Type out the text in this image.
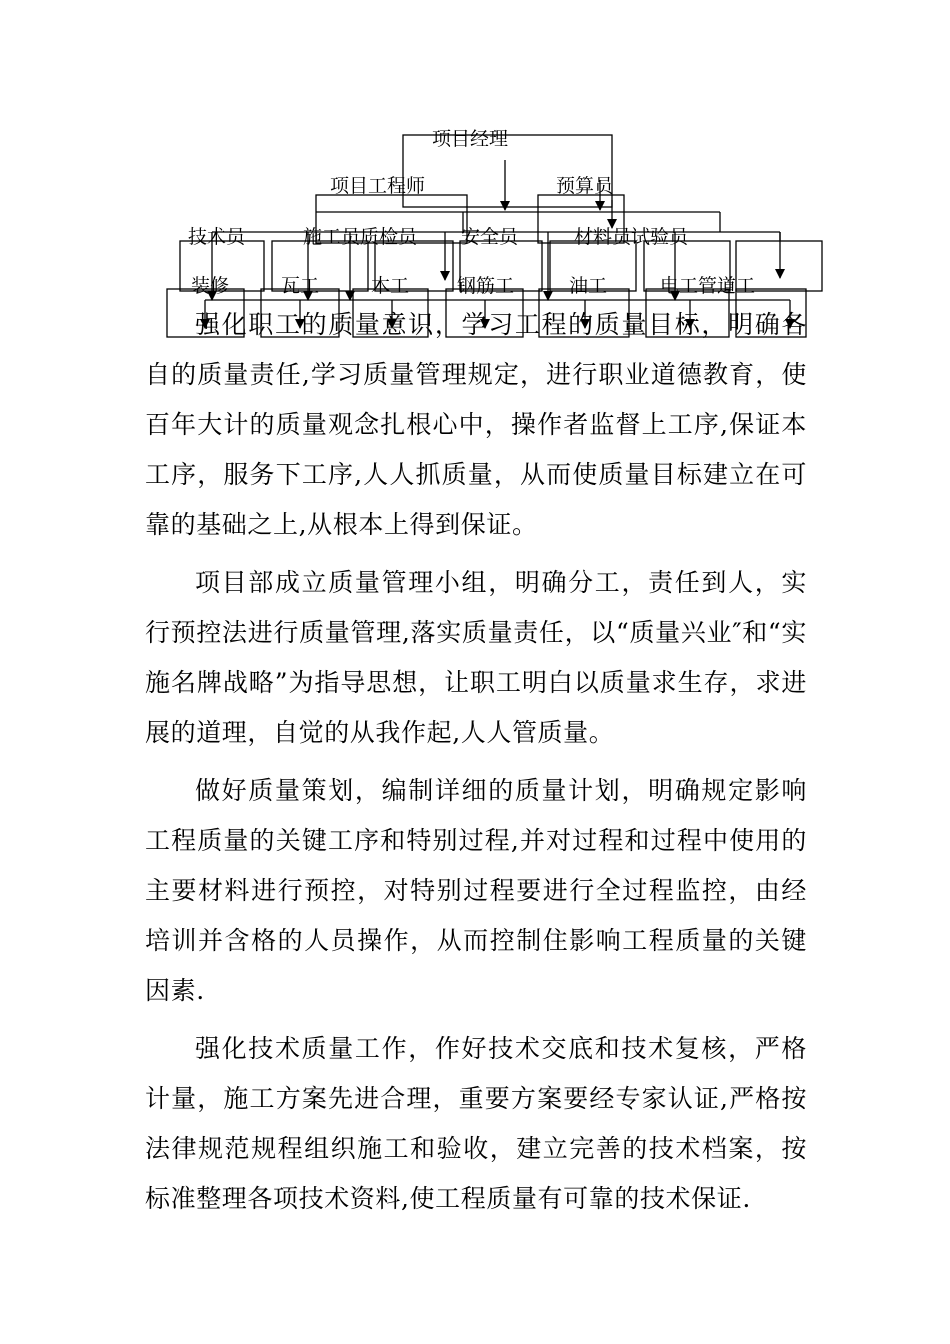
项目经理
项目工程师	预算员
技术员	施工员 质检员 安全员	材料员 试验员
装修	瓦工	木工	钢筋工	油工	电工管道工

强化职工的质量意识，学习工程的质量目标，明确各自的质量责任,学习质量管理规定，进行职业道德教育，使百年大计的质量观念扎根心中，操作者监督上工序,保证本工序，服务下工序,人人抓质量，从而使质量目标建立在可靠的基础之上,从根本上得到保证。

项目部成立质量管理小组，明确分工，责任到人，实行预控法进行质量管理,落实质量责任，以“质量兴业″和“实施名牌战略”为指导思想，让职工明白以质量求生存，求进展的道理，自觉的从我作起,人人管质量。

做好质量策划，编制详细的质量计划，明确规定影响工程质量的关键工序和特别过程,并对过程和过程中使用的主要材料进行预控，对特别过程要进行全过程监控，由经培训并含格的人员操作，从而控制住影响工程质量的关键因素.

强化技术质量工作，作好技术交底和技术复核，严格计量，施工方案先进合理，重要方案要经专家认证,严格按法律规范规程组织施工和验收，建立完善的技术档案，按标准整理各项技术资料,使工程质量有可靠的技术保证.
